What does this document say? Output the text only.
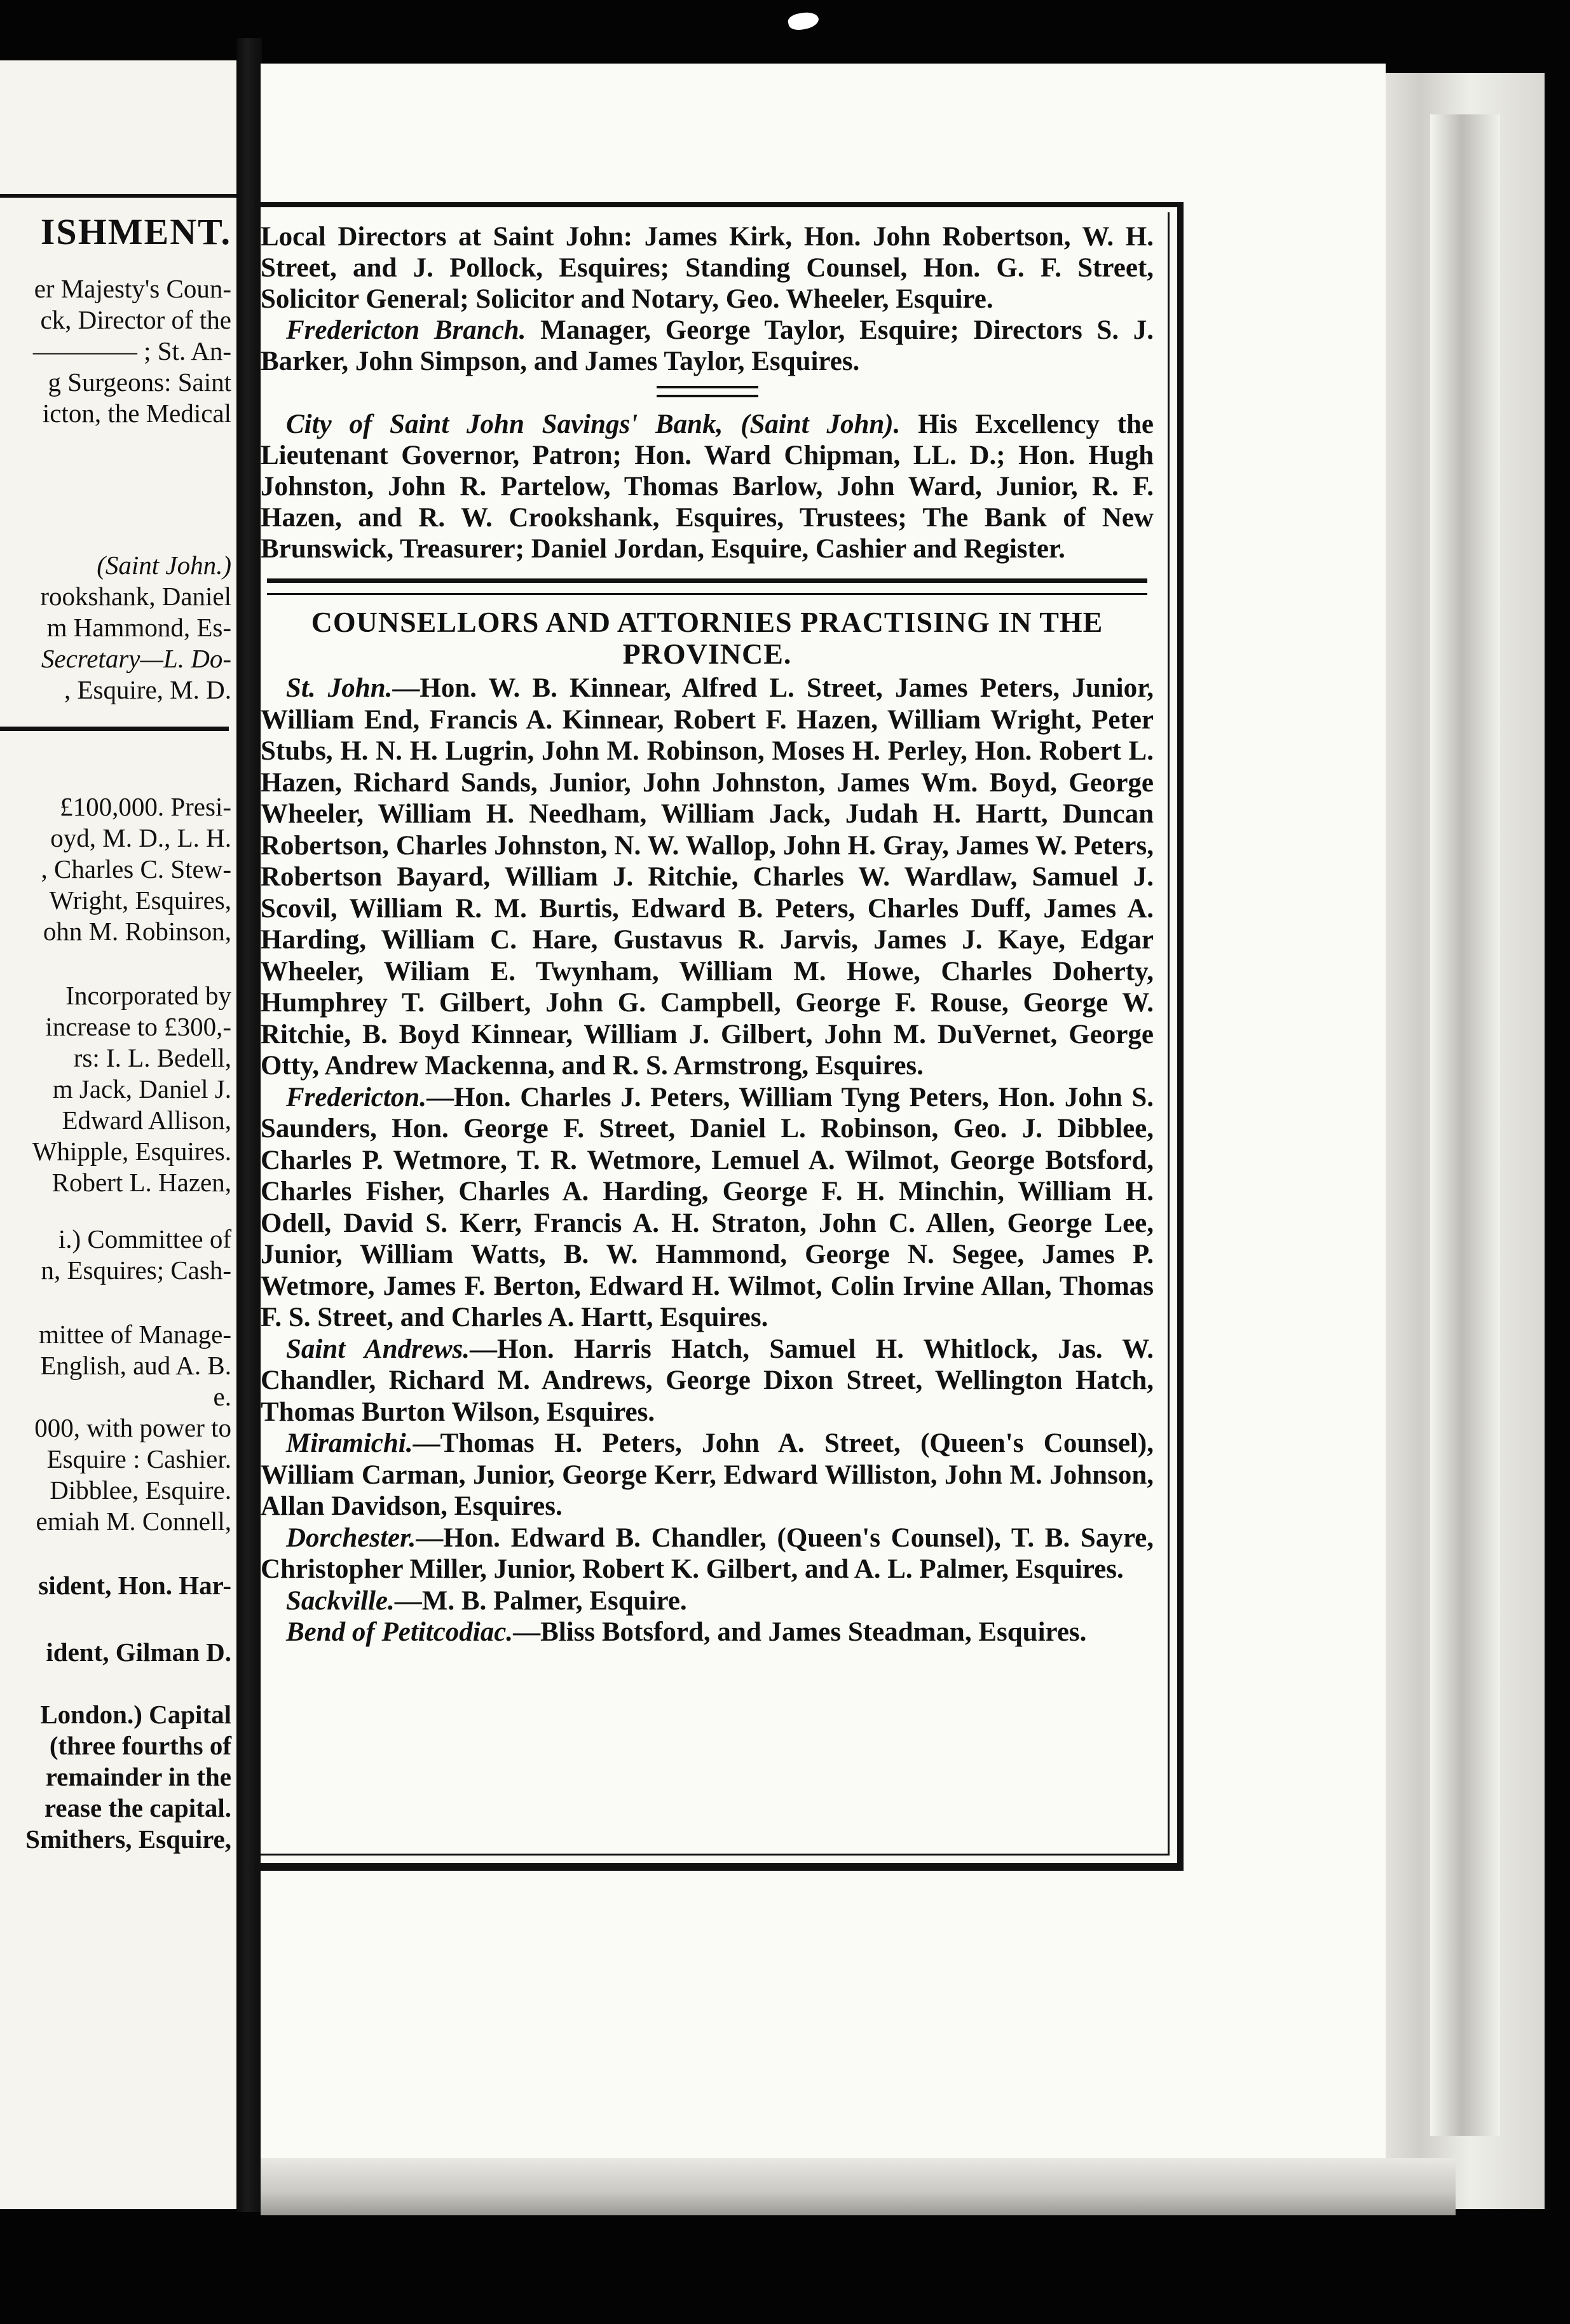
ISHMENT.
er Majesty's Coun-
ck, Director of the
———— ; St. An-
g Surgeons: Saint
icton, the Medical
(Saint John.)
rookshank, Daniel
m Hammond, Es-
Secretary—L. Do-
, Esquire, M. D.
£100,000. Presi-
oyd, M. D., L. H.
, Charles C. Stew-
Wright, Esquires,
ohn M. Robinson,
Incorporated by
increase to £300,-
rs: I. L. Bedell,
m Jack, Daniel J.
Edward Allison,
Whipple, Esquires.
Robert L. Hazen,
i.) Committee of
n, Esquires; Cash-
mittee of Manage-
English, aud A. B.
e.
000, with power to
Esquire : Cashier.
Dibblee, Esquire.
emiah M. Connell,
sident, Hon. Har-
ident, Gilman D.
London.) Capital
(three fourths of
remainder in the
rease the capital.
Smithers, Esquire,

Local Directors at Saint John: James Kirk, Hon. John Robertson, W. H. Street, and J. Pollock, Esquires; Standing Counsel, Hon. G. F. Street, Solicitor General; Solicitor and Notary, Geo. Wheeler, Esquire.

Fredericton Branch. Manager, George Taylor, Esquire; Directors S. J. Barker, John Simpson, and James Taylor, Esquires.

City of Saint John Savings' Bank, (Saint John). His Excellency the Lieutenant Governor, Patron; Hon. Ward Chipman, LL. D.; Hon. Hugh Johnston, John R. Partelow, Thomas Barlow, John Ward, Junior, R. F. Hazen, and R. W. Crookshank, Esquires, Trustees; The Bank of New Brunswick, Treasurer; Daniel Jordan, Esquire, Cashier and Register.

COUNSELLORS AND ATTORNIES PRACTISING IN THE PROVINCE.

St. John.—Hon. W. B. Kinnear, Alfred L. Street, James Peters, Junior, William End, Francis A. Kinnear, Robert F. Hazen, William Wright, Peter Stubs, H. N. H. Lugrin, John M. Robinson, Moses H. Perley, Hon. Robert L. Hazen, Richard Sands, Junior, John Johnston, James Wm. Boyd, George Wheeler, William H. Needham, William Jack, Judah H. Hartt, Duncan Robertson, Charles Johnston, N. W. Wallop, John H. Gray, James W. Peters, Robertson Bayard, William J. Ritchie, Charles W. Wardlaw, Samuel J. Scovil, William R. M. Burtis, Edward B. Peters, Charles Duff, James A. Harding, William C. Hare, Gustavus R. Jarvis, James J. Kaye, Edgar Wheeler, Wiliam E. Twynham, William M. Howe, Charles Doherty, Humphrey T. Gilbert, John G. Campbell, George F. Rouse, George W. Ritchie, B. Boyd Kinnear, William J. Gilbert, John M. DuVernet, George Otty, Andrew Mackenna, and R. S. Armstrong, Esquires.

Fredericton.—Hon. Charles J. Peters, William Tyng Peters, Hon. John S. Saunders, Hon. George F. Street, Daniel L. Robinson, Geo. J. Dibblee, Charles P. Wetmore, T. R. Wetmore, Lemuel A. Wilmot, George Botsford, Charles Fisher, Charles A. Harding, George F. H. Minchin, William H. Odell, David S. Kerr, Francis A. H. Straton, John C. Allen, George Lee, Junior, William Watts, B. W. Hammond, George N. Segee, James P. Wetmore, James F. Berton, Edward H. Wilmot, Colin Irvine Allan, Thomas F. S. Street, and Charles A. Hartt, Esquires.

Saint Andrews.—Hon. Harris Hatch, Samuel H. Whitlock, Jas. W. Chandler, Richard M. Andrews, George Dixon Street, Wellington Hatch, Thomas Burton Wilson, Esquires.

Miramichi.—Thomas H. Peters, John A. Street, (Queen's Counsel), William Carman, Junior, George Kerr, Edward Williston, John M. Johnson, Allan Davidson, Esquires.

Dorchester.—Hon. Edward B. Chandler, (Queen's Counsel), T. B. Sayre, Christopher Miller, Junior, Robert K. Gilbert, and A. L. Palmer, Esquires.

Sackville.—M. B. Palmer, Esquire.

Bend of Petitcodiac.—Bliss Botsford, and James Steadman, Esquires.
